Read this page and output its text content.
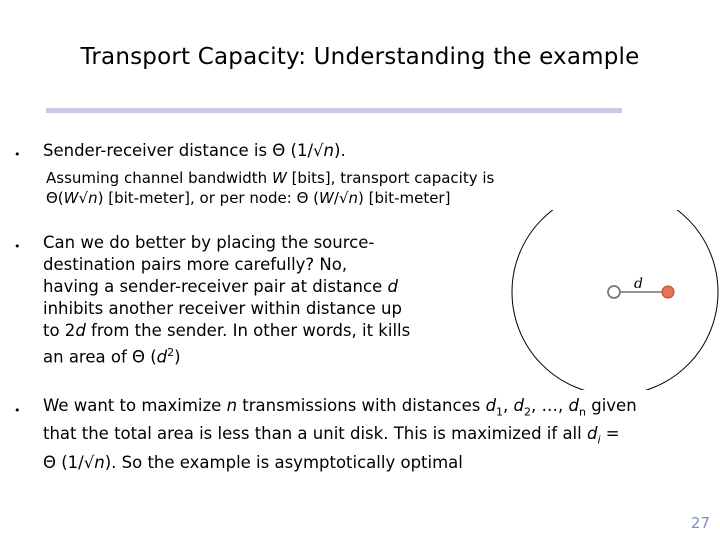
Transport Capacity: Understanding the example
• Sender-receiver distance is Θ (1/√n).
Assuming channel bandwidth W [bits], transport capacity is
Θ(W√n) [bit-meter], or per node: Θ (W/√n) [bit-meter]
• Can we do better by placing the source-
destination pairs more carefully? No,
having a sender-receiver pair at distance d
inhibits another receiver within distance up
to 2d from the sender. In other words, it kills
an area of Θ $(d^2)$
d
• We want to maximize n transmissions with distances $d_1$, $d_2$, …, $d_n$ given
that the total area is less than a unit disk. This is maximized if all $d_i$ =
Θ (1/√n). So the example is asymptotically optimal
27
